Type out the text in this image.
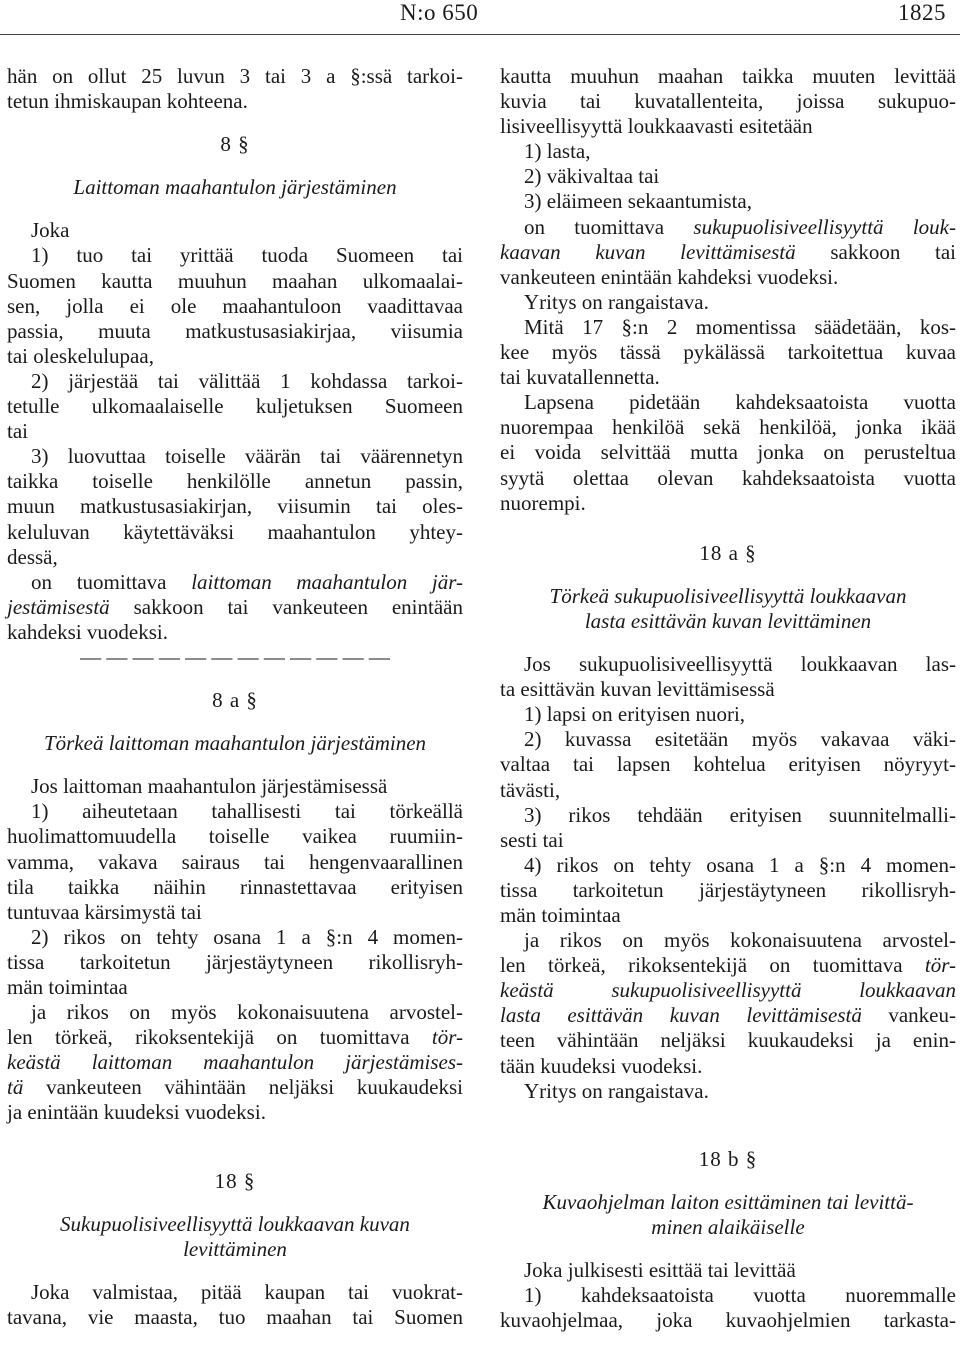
N:o 650	1825
hän on ollut 25 luvun 3 tai 3 a §:ssä tarkoi-
tetun ihmiskaupan kohteena.
8 §
Laittoman maahantulon järjestäminen
Joka
1) tuo tai yrittää tuoda Suomeen tai
Suomen kautta muuhun maahan ulkomaalai-
sen, jolla ei ole maahantuloon vaadittavaa
passia, muuta matkustusasiakirjaa, viisumia
tai oleskelulupaa,
2) järjestää tai välittää 1 kohdassa tarkoi-
tetulle ulkomaalaiselle kuljetuksen Suomeen
tai
3) luovuttaa toiselle väärän tai väärennetyn
taikka toiselle henkilölle annetun passin,
muun matkustusasiakirjan, viisumin tai oles-
keluluvan käytettäväksi maahantulon yhtey-
dessä,
on tuomittava laittoman maahantulon jär-
jestämisestä sakkoon tai vankeuteen enintään
kahdeksi vuodeksi.
— — — — — — — — — — — —
8 a §
Törkeä laittoman maahantulon järjestäminen
Jos laittoman maahantulon järjestämisessä
1) aiheutetaan tahallisesti tai törkeällä
huolimattomuudella toiselle vaikea ruumiin-
vamma, vakava sairaus tai hengenvaarallinen
tila taikka näihin rinnastettavaa erityisen
tuntuvaa kärsimystä tai
2) rikos on tehty osana 1 a §:n 4 momen-
tissa tarkoitetun järjestäytyneen rikollisryh-
män toimintaa
ja rikos on myös kokonaisuutena arvostel-
len törkeä, rikoksentekijä on tuomittava tör-
keästä laittoman maahantulon järjestämises-
tä vankeuteen vähintään neljäksi kuukaudeksi
ja enintään kuudeksi vuodeksi.
18 §
Sukupuolisiveellisyyttä loukkaavan kuvan
levittäminen
Joka valmistaa, pitää kaupan tai vuokrat-
tavana, vie maasta, tuo maahan tai Suomen
kautta muuhun maahan taikka muuten levittää
kuvia tai kuvatallenteita, joissa sukupuo-
lisiveellisyyttä loukkaavasti esitetään
1) lasta,
2) väkivaltaa tai
3) eläimeen sekaantumista,
on tuomittava sukupuolisiveellisyyttä louk-
kaavan kuvan levittämisestä sakkoon tai
vankeuteen enintään kahdeksi vuodeksi.
Yritys on rangaistava.
Mitä 17 §:n 2 momentissa säädetään, kos-
kee myös tässä pykälässä tarkoitettua kuvaa
tai kuvatallennetta.
Lapsena pidetään kahdeksaatoista vuotta
nuorempaa henkilöä sekä henkilöä, jonka ikää
ei voida selvittää mutta jonka on perusteltua
syytä olettaa olevan kahdeksaatoista vuotta
nuorempi.
18 a §
Törkeä sukupuolisiveellisyyttä loukkaavan
lasta esittävän kuvan levittäminen
Jos sukupuolisiveellisyyttä loukkaavan las-
ta esittävän kuvan levittämisessä
1) lapsi on erityisen nuori,
2) kuvassa esitetään myös vakavaa väki-
valtaa tai lapsen kohtelua erityisen nöyryyt-
tävästi,
3) rikos tehdään erityisen suunnitelmalli-
sesti tai
4) rikos on tehty osana 1 a §:n 4 momen-
tissa tarkoitetun järjestäytyneen rikollisryh-
män toimintaa
ja rikos on myös kokonaisuutena arvostel-
len törkeä, rikoksentekijä on tuomittava tör-
keästä sukupuolisiveellisyyttä loukkaavan
lasta esittävän kuvan levittämisestä vankeu-
teen vähintään neljäksi kuukaudeksi ja enin-
tään kuudeksi vuodeksi.
Yritys on rangaistava.
18 b §
Kuvaohjelman laiton esittäminen tai levittä-
minen alaikäiselle
Joka julkisesti esittää tai levittää
1) kahdeksaatoista vuotta nuoremmalle
kuvaohjelmaa, joka kuvaohjelmien tarkasta-
